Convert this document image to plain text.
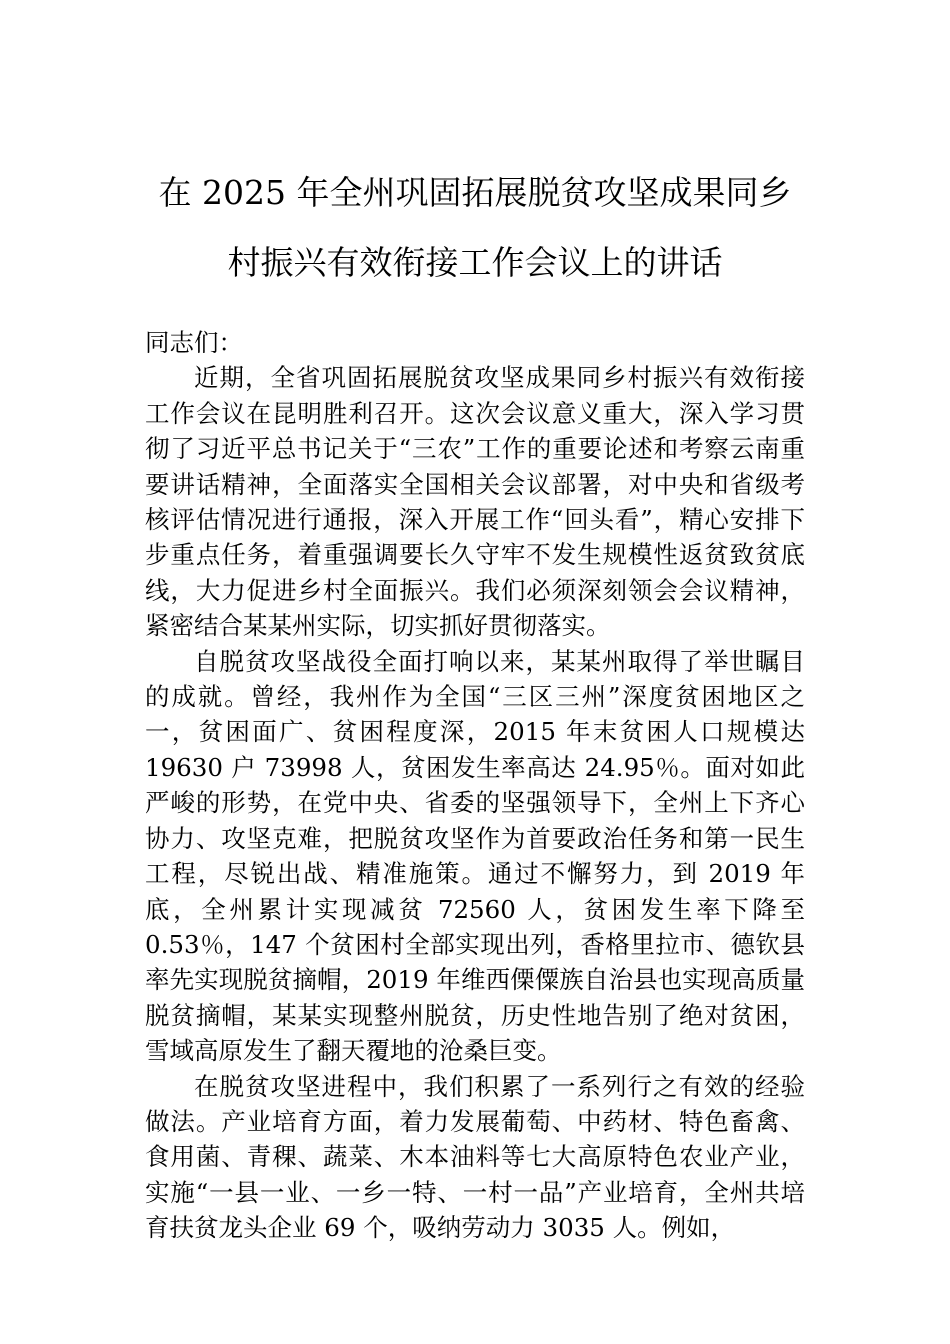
在 2025 年全州巩固拓展脱贫攻坚成果同乡
村振兴有效衔接工作会议上的讲话

同志们：

近期，全省巩固拓展脱贫攻坚成果同乡村振兴有效衔接工作会议在昆明胜利召开。这次会议意义重大，深入学习贯彻了习近平总书记关于“三农”工作的重要论述和考察云南重要讲话精神，全面落实全国相关会议部署，对中央和省级考核评估情况进行通报，深入开展工作“回头看”，精心安排下步重点任务，着重强调要长久守牢不发生规模性返贫致贫底线，大力促进乡村全面振兴。我们必须深刻领会会议精神，紧密结合某某州实际，切实抓好贯彻落实。

自脱贫攻坚战役全面打响以来，某某州取得了举世瞩目的成就。曾经，我州作为全国“三区三州”深度贫困地区之一，贫困面广、贫困程度深，2015 年末贫困人口规模达 19630 户 73998 人，贫困发生率高达 24.95％。面对如此严峻的形势，在党中央、省委的坚强领导下，全州上下齐心协力、攻坚克难，把脱贫攻坚作为首要政治任务和第一民生工程，尽锐出战、精准施策。通过不懈努力，到 2019 年底，全州累计实现减贫 72560 人，贫困发生率下降至 0.53％，147 个贫困村全部实现出列，香格里拉市、德钦县率先实现脱贫摘帽，2019 年维西傈僳族自治县也实现高质量脱贫摘帽，某某实现整州脱贫，历史性地告别了绝对贫困，雪域高原发生了翻天覆地的沧桑巨变。

在脱贫攻坚进程中，我们积累了一系列行之有效的经验做法。产业培育方面，着力发展葡萄、中药材、特色畜禽、食用菌、青稞、蔬菜、木本油料等七大高原特色农业产业，实施“一县一业、一乡一特、一村一品”产业培育，全州共培育扶贫龙头企业 69 个，吸纳劳动力 3035 人。例如，
